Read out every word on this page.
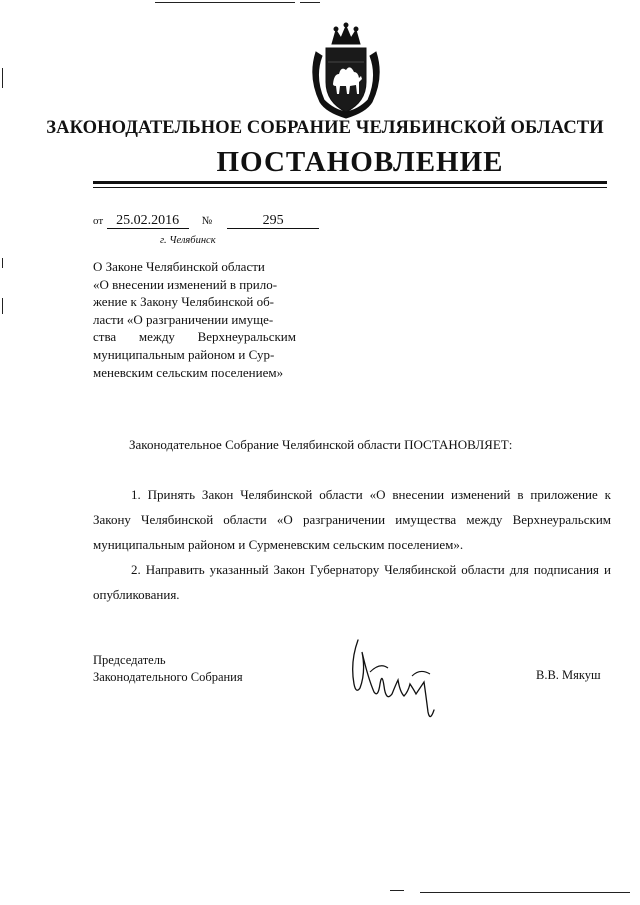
ЗАКОНОДАТЕЛЬНОЕ СОБРАНИЕ ЧЕЛЯБИНСКОЙ ОБЛАСТИ
ПОСТАНОВЛЕНИЕ
от 25.02.2016 №	295
г. Челябинск
О Законе Челябинской области
«О внесении изменений в прило-
жение к Закону Челябинской об-
ласти «О разграничении имуще-
ства между Верхнеуральским
муниципальным районом и Сур-
меневским сельским поселением»
Законодательное Собрание Челябинской области ПОСТАНОВЛЯЕТ:
1. Принять Закон Челябинской области «О внесении изменений в приложение к Закону Челябинской области «О разграничении имущества между Верхнеуральским муниципальным районом и Сурменевским сельским поселением».
2. Направить указанный Закон Губернатору Челябинской области для подписания и опубликования.
Председатель
Законодательного Собрания	В.В. Мякуш
